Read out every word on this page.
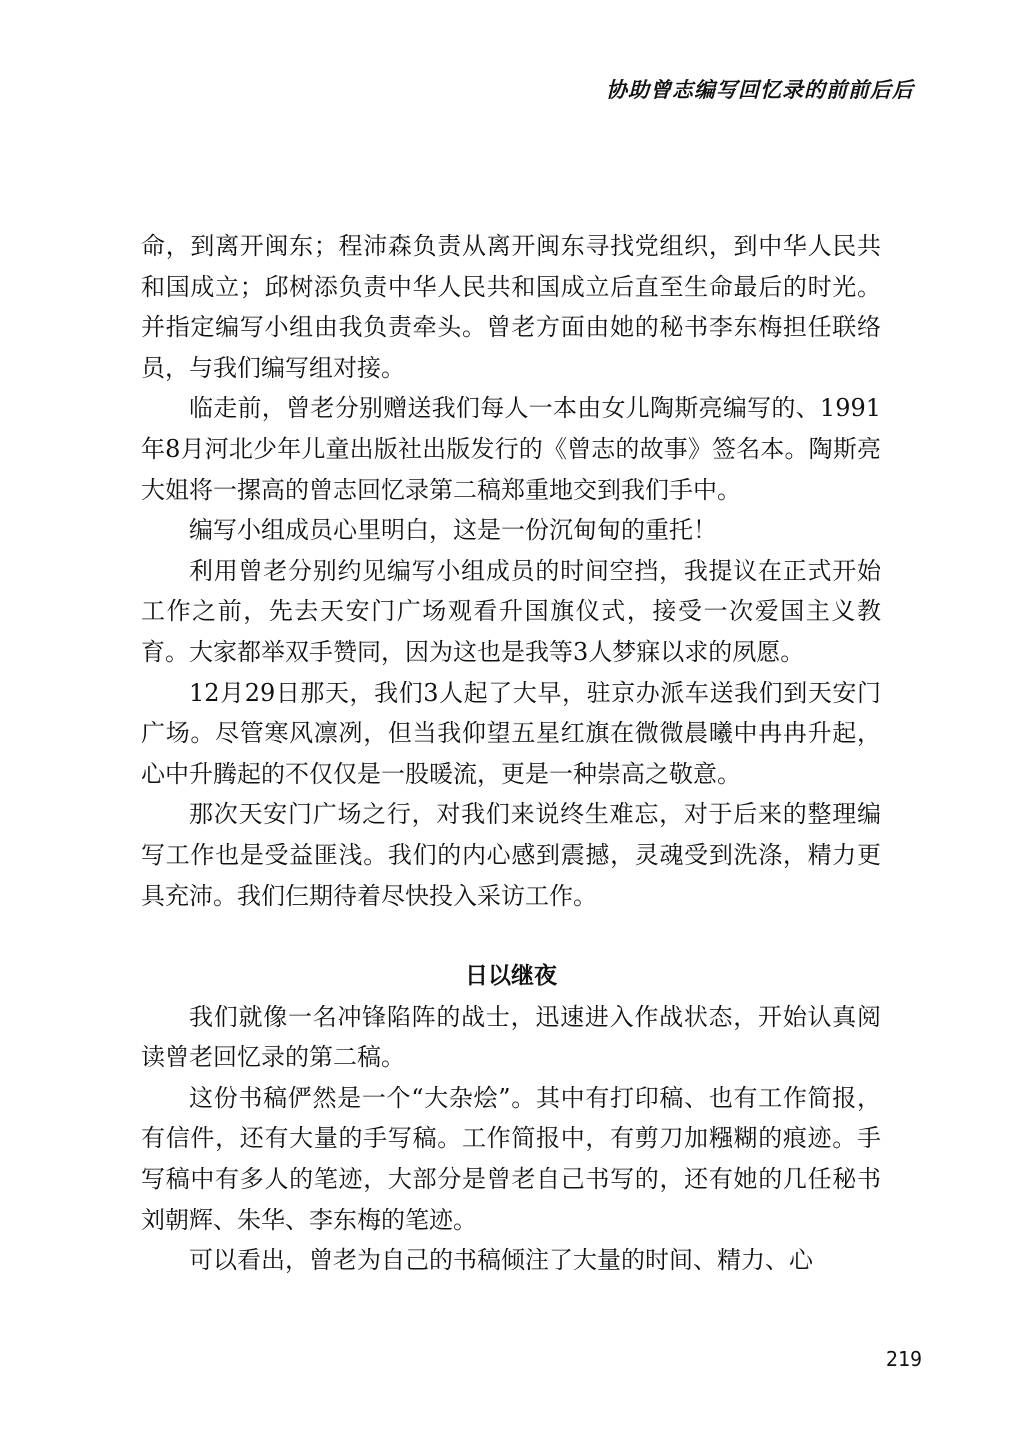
协助曾志编写回忆录的前前后后

命，到离开闽东；程沛森负责从离开闽东寻找党组织，到中华人民共和国成立；邱树添负责中华人民共和国成立后直至生命最后的时光。并指定编写小组由我负责牵头。曾老方面由她的秘书李东梅担任联络员，与我们编写组对接。

临走前，曾老分别赠送我们每人一本由女儿陶斯亮编写的、1991年8月河北少年儿童出版社出版发行的《曾志的故事》签名本。陶斯亮大姐将一摞高的曾志回忆录第二稿郑重地交到我们手中。

编写小组成员心里明白，这是一份沉甸甸的重托！

利用曾老分别约见编写小组成员的时间空挡，我提议在正式开始工作之前，先去天安门广场观看升国旗仪式，接受一次爱国主义教育。大家都举双手赞同，因为这也是我等3人梦寐以求的夙愿。

12月29日那天，我们3人起了大早，驻京办派车送我们到天安门广场。尽管寒风凛冽，但当我仰望五星红旗在微微晨曦中冉冉升起，心中升腾起的不仅仅是一股暖流，更是一种崇高之敬意。

那次天安门广场之行，对我们来说终生难忘，对于后来的整理编写工作也是受益匪浅。我们的内心感到震撼，灵魂受到洗涤，精力更具充沛。我们仨期待着尽快投入采访工作。

日以继夜

我们就像一名冲锋陷阵的战士，迅速进入作战状态，开始认真阅读曾老回忆录的第二稿。

这份书稿俨然是一个“大杂烩”。其中有打印稿、也有工作简报，有信件，还有大量的手写稿。工作简报中，有剪刀加糨糊的痕迹。手写稿中有多人的笔迹，大部分是曾老自己书写的，还有她的几任秘书刘朝辉、朱华、李东梅的笔迹。

可以看出，曾老为自己的书稿倾注了大量的时间、精力、心

219
